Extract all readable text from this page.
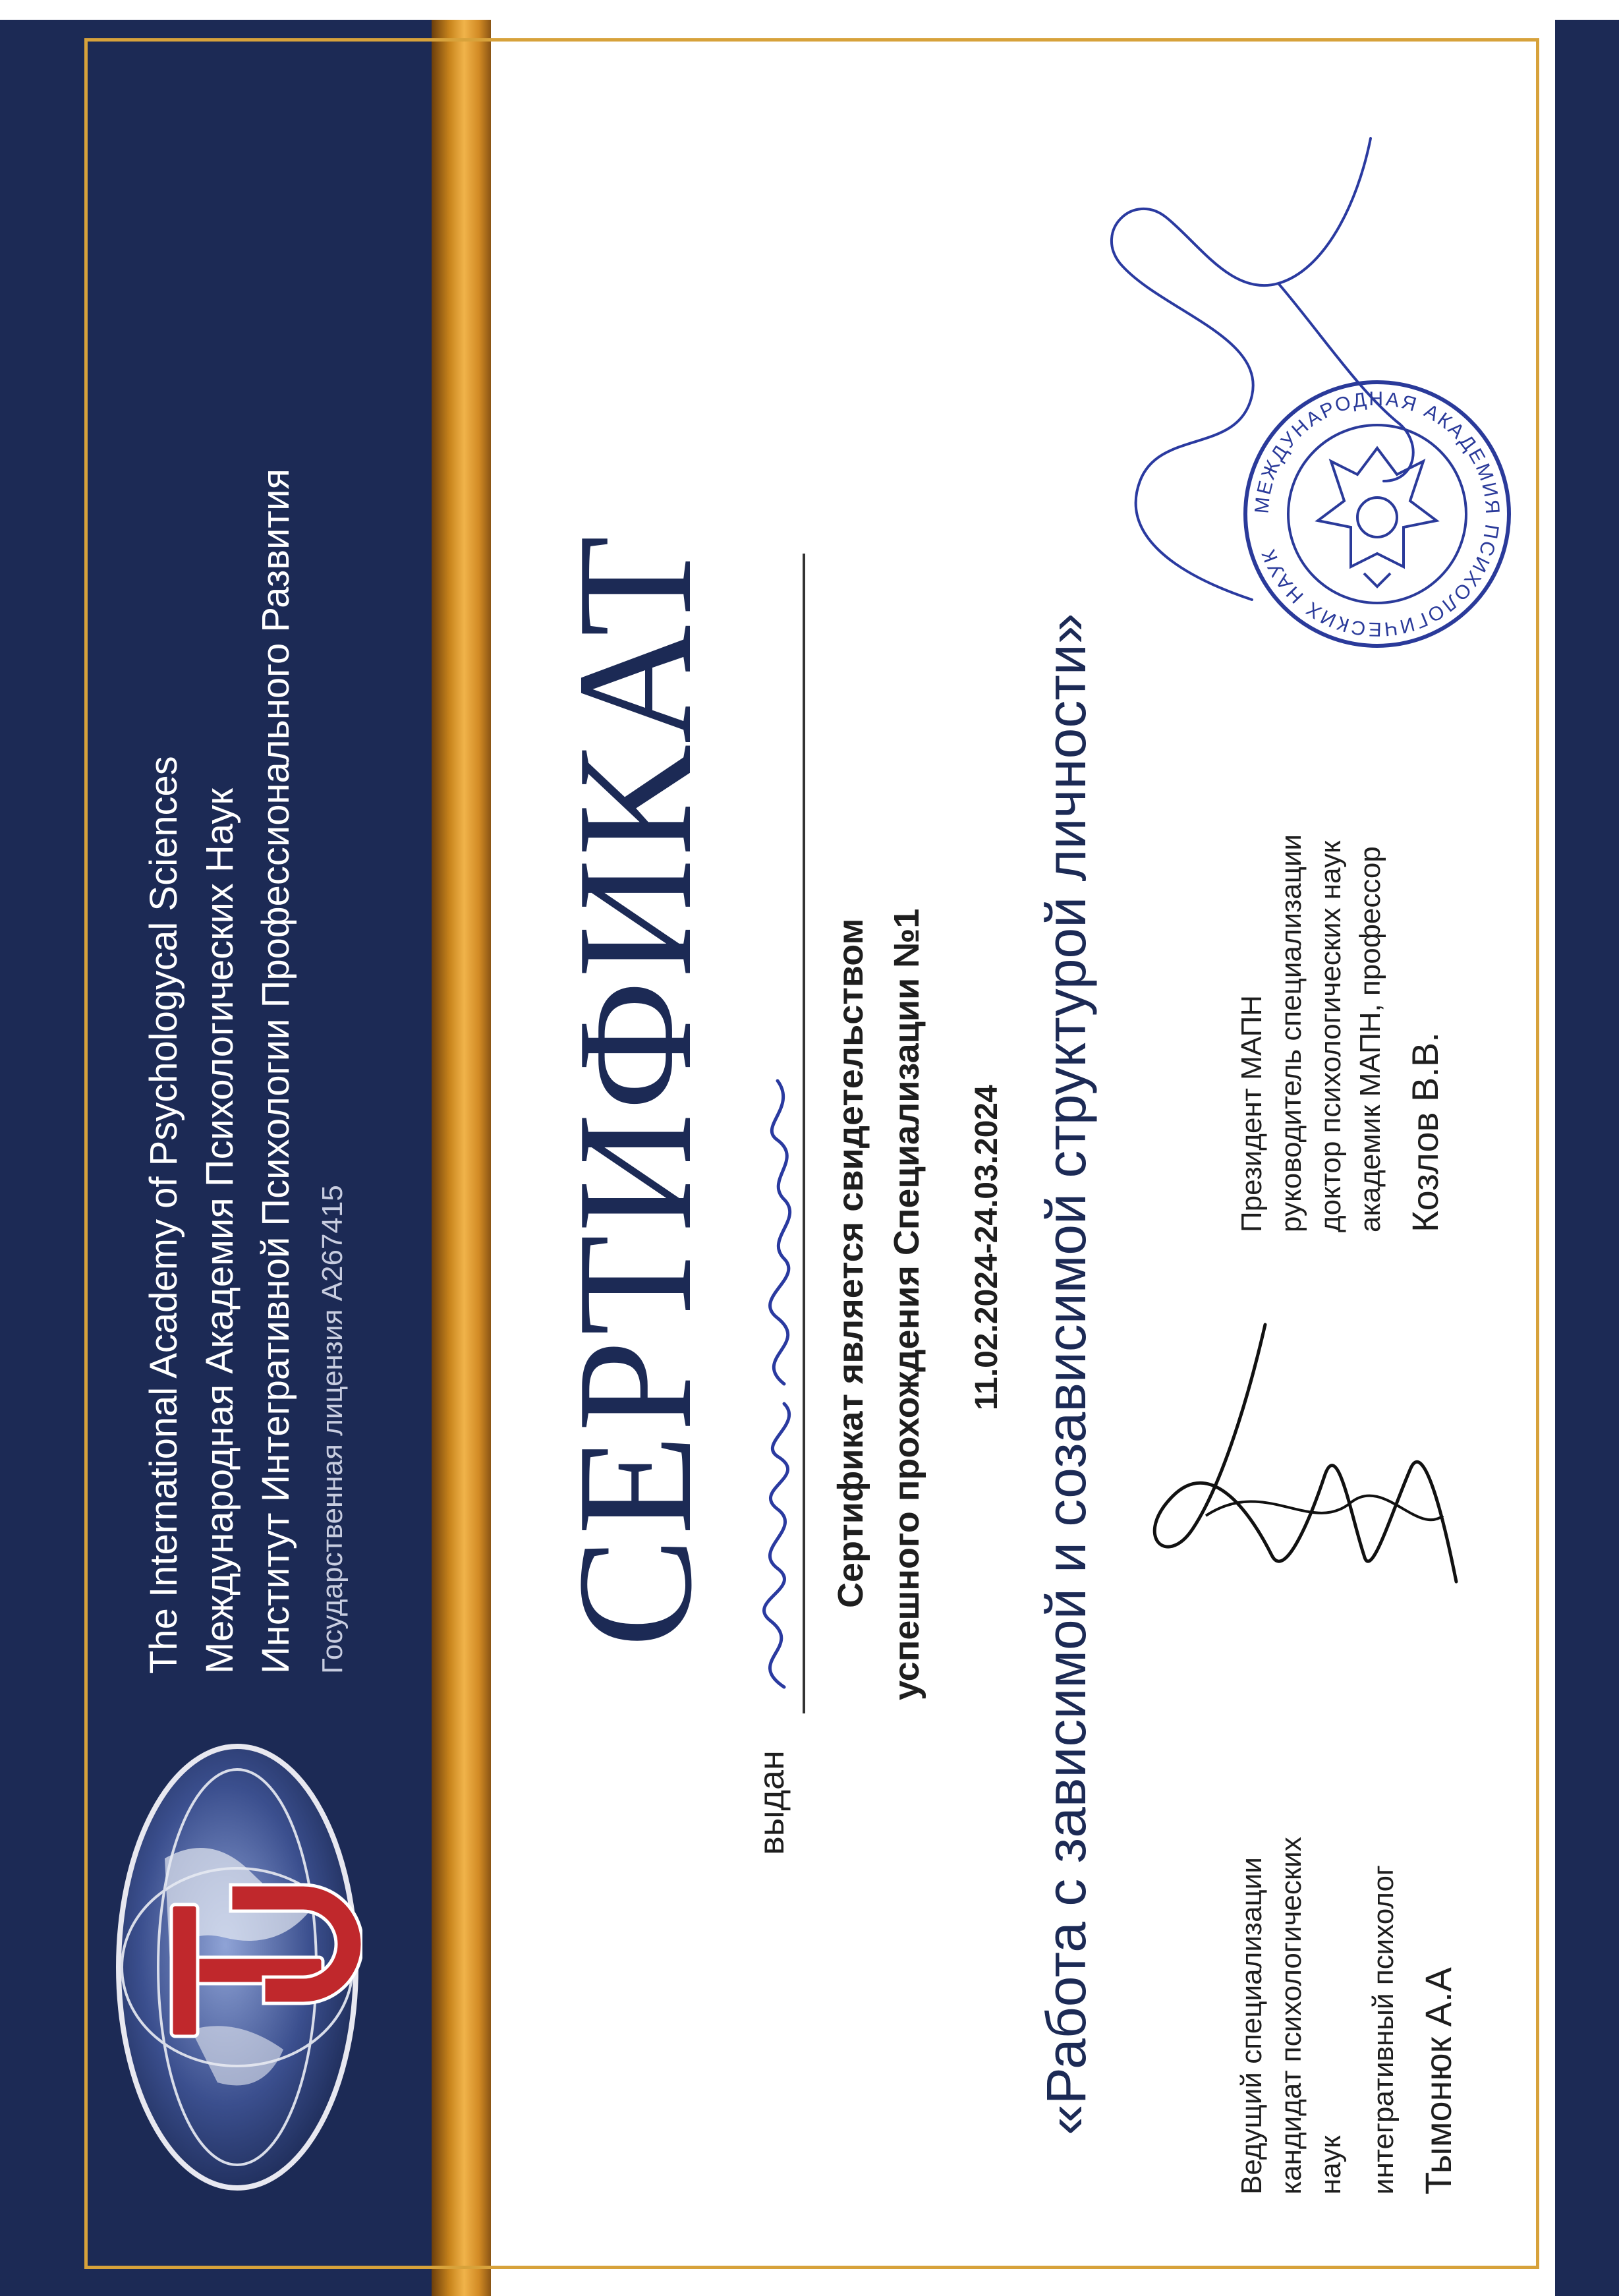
The International Academy of Psychologycal Sciences Международная Академия Психологических Наук Институт Интегративной Психологии Профессионального Развития Государственная лицензия А267415 СЕРТИФИКАТ
выдан
Сертификат является свидетельством успешного прохождения Специализации №1 11.02.2024-24.03.2024 «Работа с зависимой и созависимой структурой личности»	Ведущий специализации кандидат психологических наук интегративный психолог Тымонюк А.А
Президент МАПН руководитель специализации доктор психологических наук академик МАПН, профессор Козлов В.В.
МЕЖДУНАРОДНАЯ АКАДЕМИЯ ПСИХОЛОГИЧЕСКИХ НАУК
